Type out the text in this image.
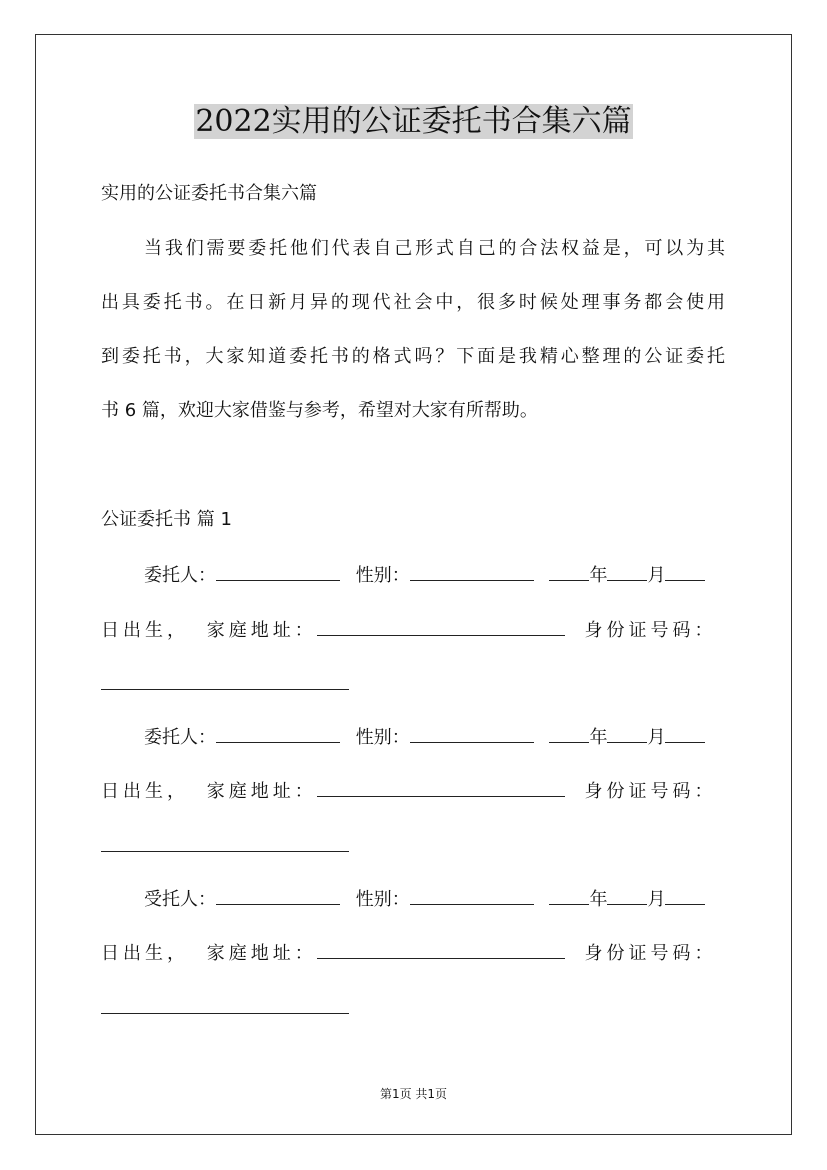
2022实用的公证委托书合集六篇
实用的公证委托书合集六篇
当我们需要委托他们代表自己形式自己的合法权益是，可以为其
出具委托书。在日新月异的现代社会中，很多时候处理事务都会使用
到委托书，大家知道委托书的格式吗？下面是我精心整理的公证委托
书 6 篇，欢迎大家借鉴与参考，希望对大家有所帮助。
公证委托书 篇 1
委托人：	性别：	年 月
日出生， 家庭地址：	身份证号码：
委托人：	性别：	年 月
日出生， 家庭地址：	身份证号码：
受托人：	性别：	年 月
日出生， 家庭地址：	身份证号码：
第1页 共1页
